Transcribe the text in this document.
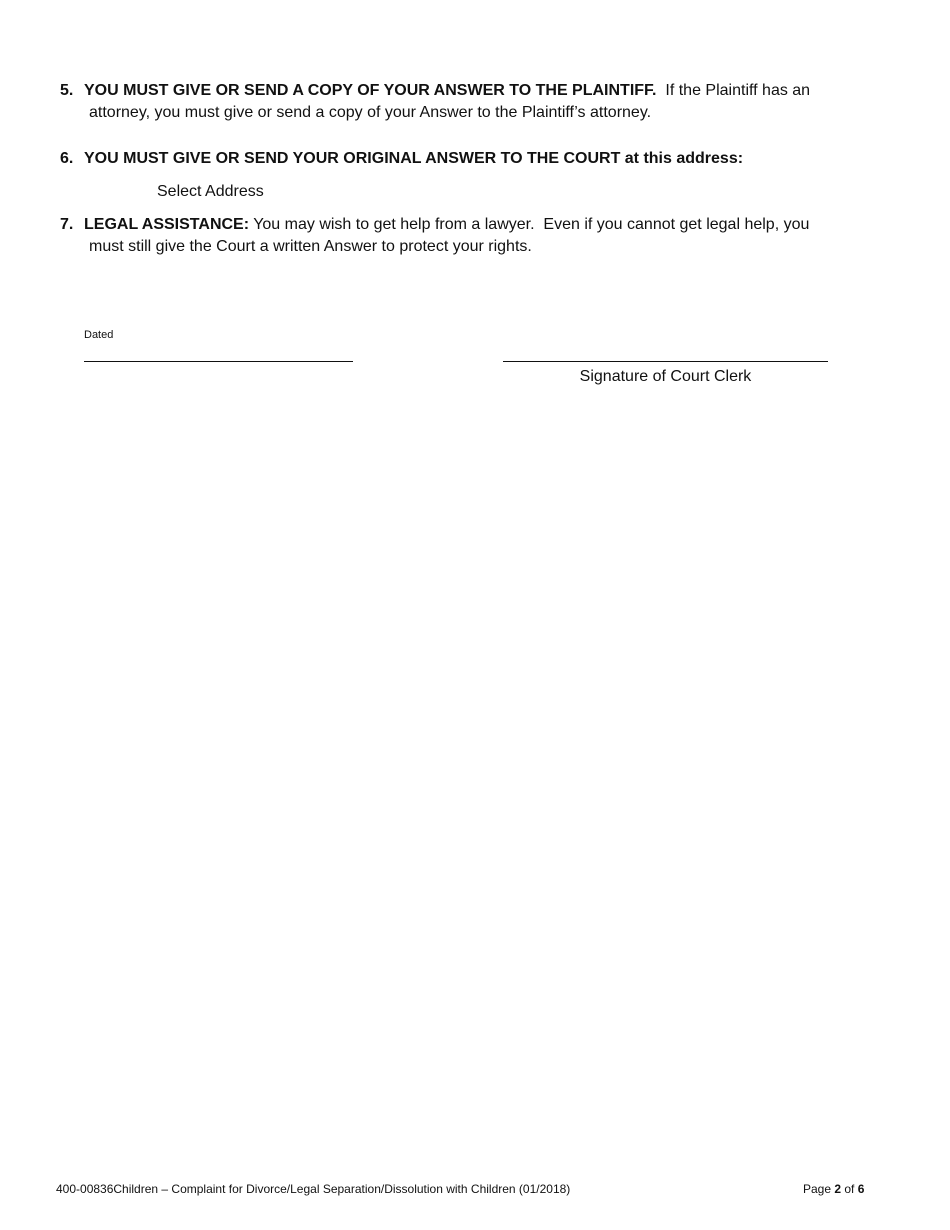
5. YOU MUST GIVE OR SEND A COPY OF YOUR ANSWER TO THE PLAINTIFF.  If the Plaintiff has an
attorney, you must give or send a copy of your Answer to the Plaintiff’s attorney.
6. YOU MUST GIVE OR SEND YOUR ORIGINAL ANSWER TO THE COURT at this address:
Select Address
7. LEGAL ASSISTANCE: You may wish to get help from a lawyer.  Even if you cannot get legal help, you
must still give the Court a written Answer to protect your rights.
Dated
Signature of Court Clerk
400-00836Children – Complaint for Divorce/Legal Separation/Dissolution with Children (01/2018)	Page 2 of 6
